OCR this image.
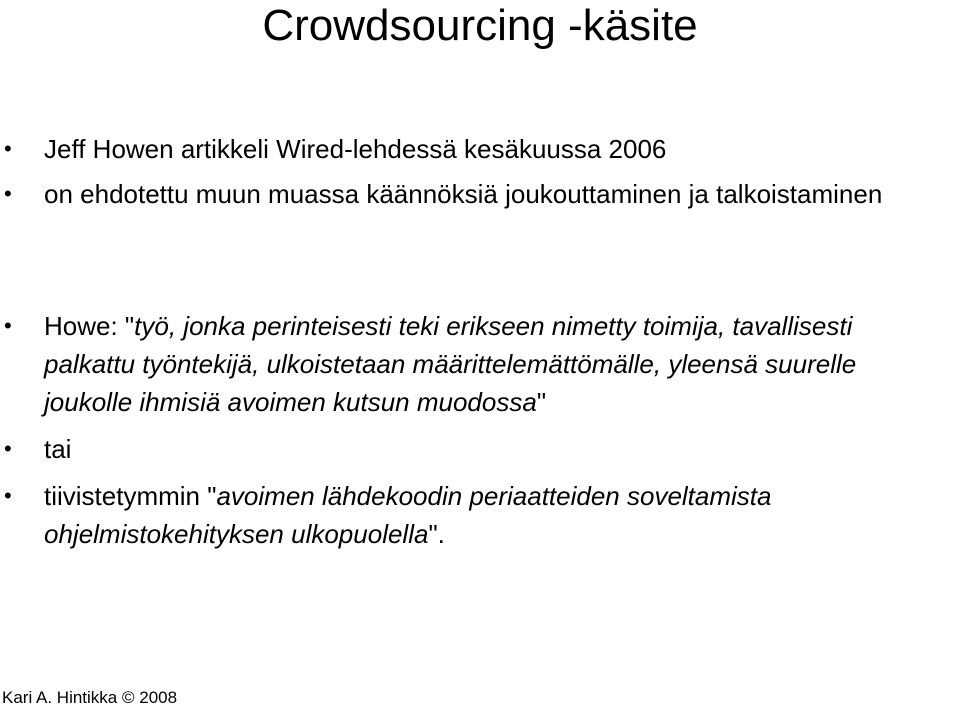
Crowdsourcing -käsite
• Jeff Howen artikkeli Wired-lehdessä kesäkuussa 2006
• on ehdotettu muun muassa käännöksiä joukouttaminen ja talkoistaminen
• Howe: "työ, jonka perinteisesti teki erikseen nimetty toimija, tavallisesti palkattu työntekijä, ulkoistetaan määrittelemättömälle, yleensä suurelle joukolle ihmisiä avoimen kutsun muodossa"
• tai
• tiivistetymmin "avoimen lähdekoodin periaatteiden soveltamista ohjelmistokehityksen ulkopuolella".
Kari A. Hintikka © 2008
